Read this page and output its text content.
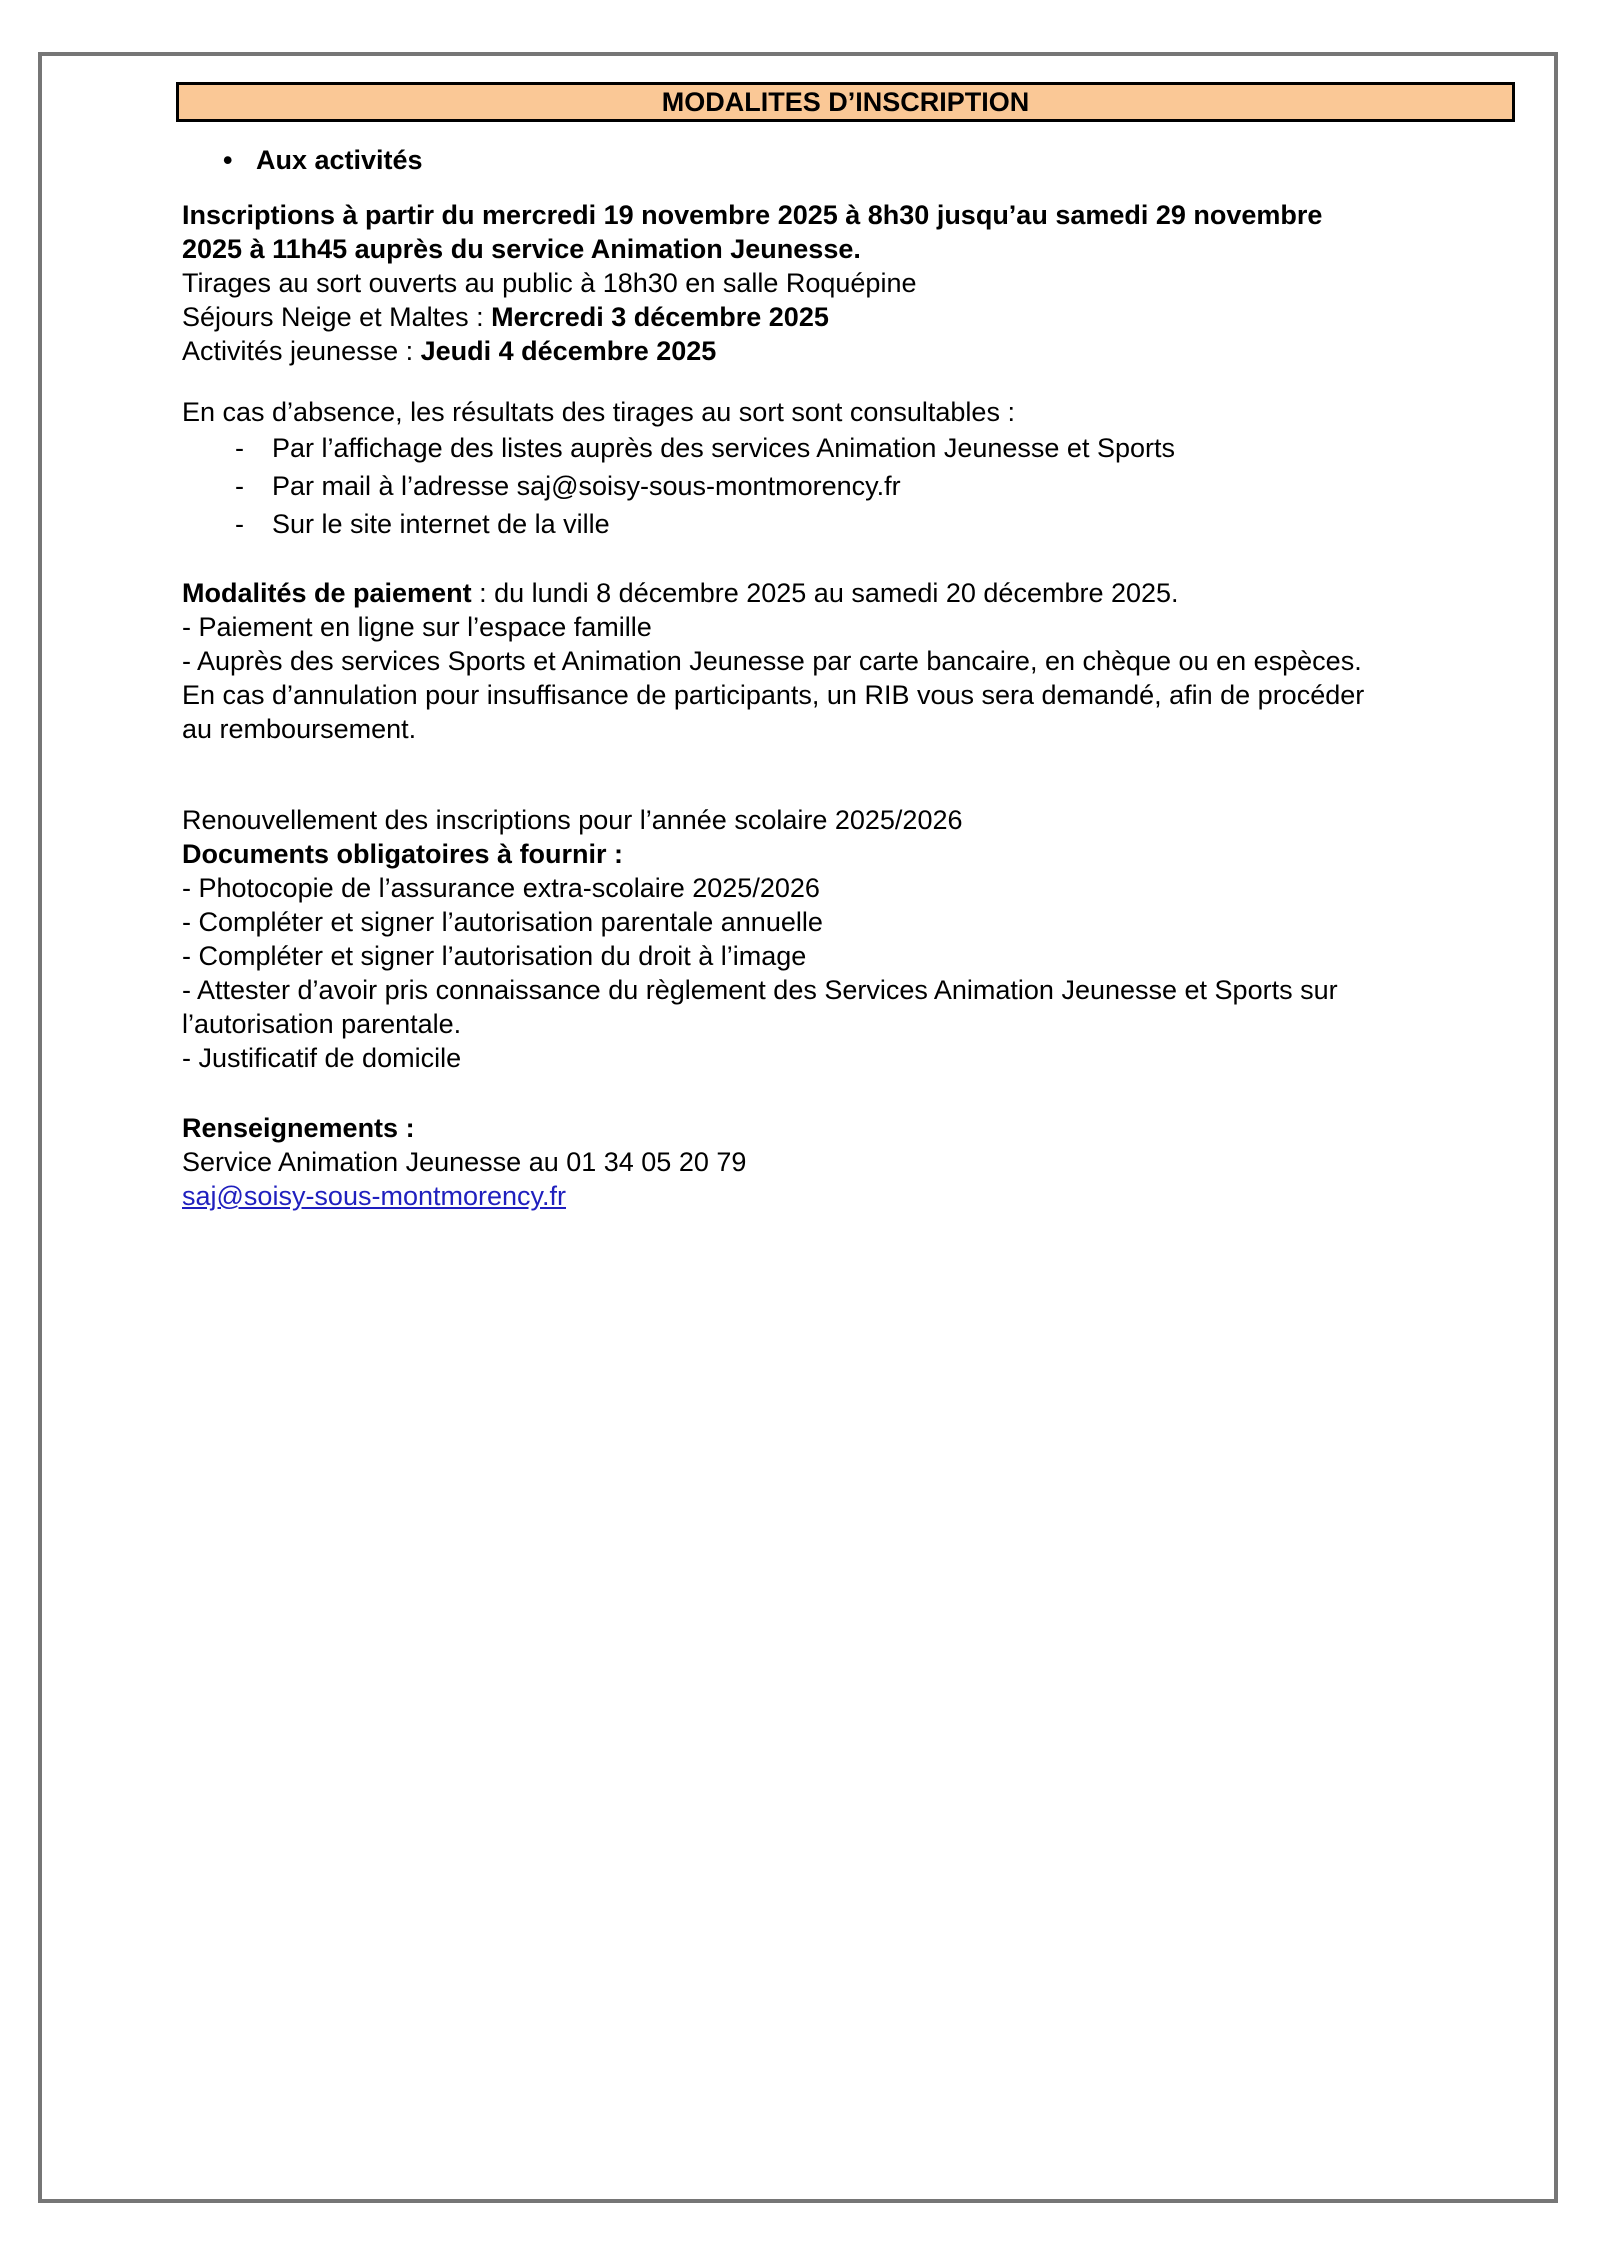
MODALITES D’INSCRIPTION
• Aux activités
Inscriptions à partir du mercredi 19 novembre 2025 à 8h30 jusqu’au samedi 29 novembre
2025 à 11h45 auprès du service Animation Jeunesse.
Tirages au sort ouverts au public à 18h30 en salle Roquépine
Séjours Neige et Maltes : Mercredi 3 décembre 2025
Activités jeunesse : Jeudi 4 décembre 2025
En cas d’absence, les résultats des tirages au sort sont consultables :
-	Par l’affichage des listes auprès des services Animation Jeunesse et Sports
-	Par mail à l’adresse saj@soisy-sous-montmorency.fr
-	Sur le site internet de la ville
Modalités de paiement : du lundi 8 décembre 2025 au samedi 20 décembre 2025.
- Paiement en ligne sur l’espace famille
- Auprès des services Sports et Animation Jeunesse par carte bancaire, en chèque ou en espèces.
En cas d’annulation pour insuffisance de participants, un RIB vous sera demandé, afin de procéder
au remboursement.
Renouvellement des inscriptions pour l’année scolaire 2025/2026
Documents obligatoires à fournir :
- Photocopie de l’assurance extra-scolaire 2025/2026
- Compléter et signer l’autorisation parentale annuelle
- Compléter et signer l’autorisation du droit à l’image
- Attester d’avoir pris connaissance du règlement des Services Animation Jeunesse et Sports sur
l’autorisation parentale.
- Justificatif de domicile
Renseignements :
Service Animation Jeunesse au 01 34 05 20 79
saj@soisy-sous-montmorency.fr
